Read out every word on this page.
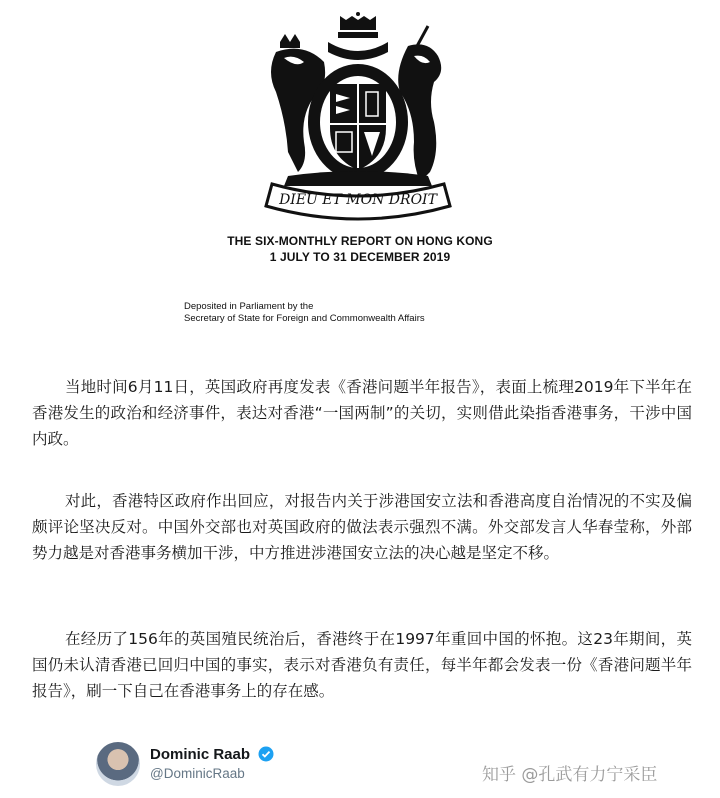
DIEU ET MON DROIT
THE SIX-MONTHLY REPORT ON HONG KONG
1 JULY TO 31 DECEMBER 2019
Deposited in Parliament by the
Secretary of State for Foreign and Commonwealth Affairs

当地时间6月11日，英国政府再度发表《香港问题半年报告》，表面上梳理2019年下半年在香港发生的政治和经济事件，表达对香港“一国两制”的关切，实则借此染指香港事务，干涉中国内政。

对此，香港特区政府作出回应，对报告内关于涉港国安立法和香港高度自治情况的不实及偏颇评论坚决反对。中国外交部也对英国政府的做法表示强烈不满。外交部发言人华春莹称，外部势力越是对香港事务横加干涉，中方推进涉港国安立法的决心越是坚定不移。

在经历了156年的英国殖民统治后，香港终于在1997年重回中国的怀抱。这23年期间，英国仍未认清香港已回归中国的事实，表示对香港负有责任，每半年都会发表一份《香港问题半年报告》，刷一下自己在香港事务上的存在感。

Dominic Raab
@DominicRaab	知乎 @孔武有力宁采臣
